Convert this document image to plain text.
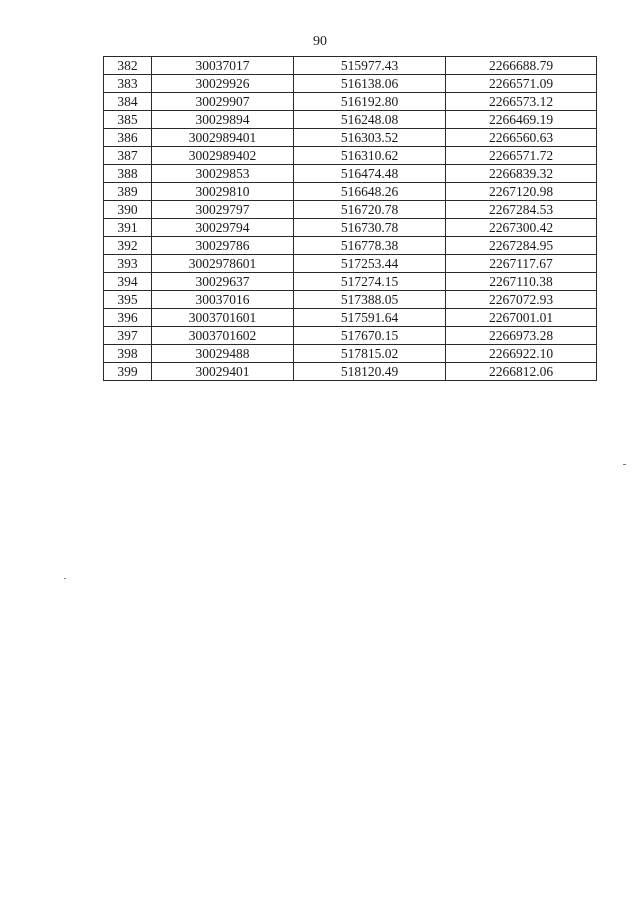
90
382	30037017	515977.43	2266688.79
383	30029926	516138.06	2266571.09
384	30029907	516192.80	2266573.12
385	30029894	516248.08	2266469.19
386	3002989401	516303.52	2266560.63
387	3002989402	516310.62	2266571.72
388	30029853	516474.48	2266839.32
389	30029810	516648.26	2267120.98
390	30029797	516720.78	2267284.53
391	30029794	516730.78	2267300.42
392	30029786	516778.38	2267284.95
393	3002978601	517253.44	2267117.67
394	30029637	517274.15	2267110.38
395	30037016	517388.05	2267072.93
396	3003701601	517591.64	2267001.01
397	3003701602	517670.15	2266973.28
398	30029488	517815.02	2266922.10
399	30029401	518120.49	2266812.06
